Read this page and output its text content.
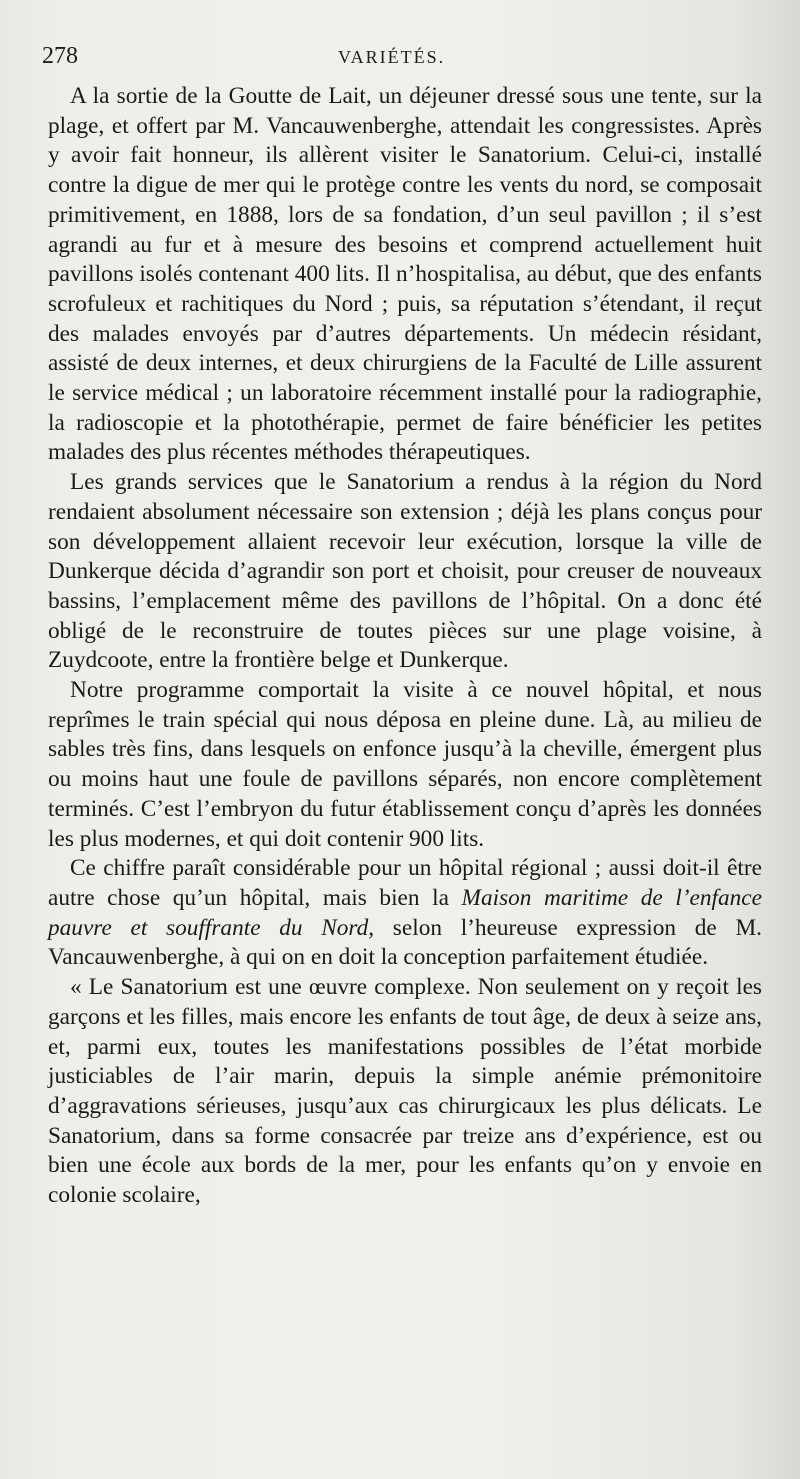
278	VARIÉTÉS.

A la sortie de la Goutte de Lait, un déjeuner dressé sous une tente, sur la plage, et offert par M. Vancauwenberghe, attendait les congressistes. Après y avoir fait honneur, ils allèrent visiter le Sanatorium. Celui-ci, installé contre la digue de mer qui le protège contre les vents du nord, se composait primitivement, en 1888, lors de sa fondation, d’un seul pavillon ; il s’est agrandi au fur et à mesure des besoins et comprend actuellement huit pavillons isolés contenant 400 lits. Il n’hospitalisa, au début, que des enfants scrofuleux et rachitiques du Nord ; puis, sa réputation s’étendant, il reçut des malades envoyés par d’autres départements. Un médecin résidant, assisté de deux internes, et deux chirurgiens de la Faculté de Lille assurent le service médical ; un laboratoire récemment installé pour la radiographie, la radioscopie et la photothérapie, permet de faire bénéficier les petites malades des plus récentes méthodes thérapeutiques.

Les grands services que le Sanatorium a rendus à la région du Nord rendaient absolument nécessaire son extension ; déjà les plans conçus pour son développement allaient recevoir leur exécution, lorsque la ville de Dunkerque décida d’agrandir son port et choisit, pour creuser de nouveaux bassins, l’emplacement même des pavillons de l’hôpital. On a donc été obligé de le reconstruire de toutes pièces sur une plage voisine, à Zuydcoote, entre la frontière belge et Dunkerque.

Notre programme comportait la visite à ce nouvel hôpital, et nous reprîmes le train spécial qui nous déposa en pleine dune. Là, au milieu de sables très fins, dans lesquels on enfonce jusqu’à la cheville, émergent plus ou moins haut une foule de pavillons séparés, non encore complètement terminés. C’est l’embryon du futur établissement conçu d’après les données les plus modernes, et qui doit contenir 900 lits.

Ce chiffre paraît considérable pour un hôpital régional ; aussi doit-il être autre chose qu’un hôpital, mais bien la Maison maritime de l’enfance pauvre et souffrante du Nord, selon l’heureuse expression de M. Vancauwenberghe, à qui on en doit la conception parfaitement étudiée.

« Le Sanatorium est une œuvre complexe. Non seulement on y reçoit les garçons et les filles, mais encore les enfants de tout âge, de deux à seize ans, et, parmi eux, toutes les manifestations possibles de l’état morbide justiciables de l’air marin, depuis la simple anémie prémonitoire d’aggravations sérieuses, jusqu’aux cas chirurgicaux les plus délicats. Le Sanatorium, dans sa forme consacrée par treize ans d’expérience, est ou bien une école aux bords de la mer, pour les enfants qu’on y envoie en colonie scolaire,
